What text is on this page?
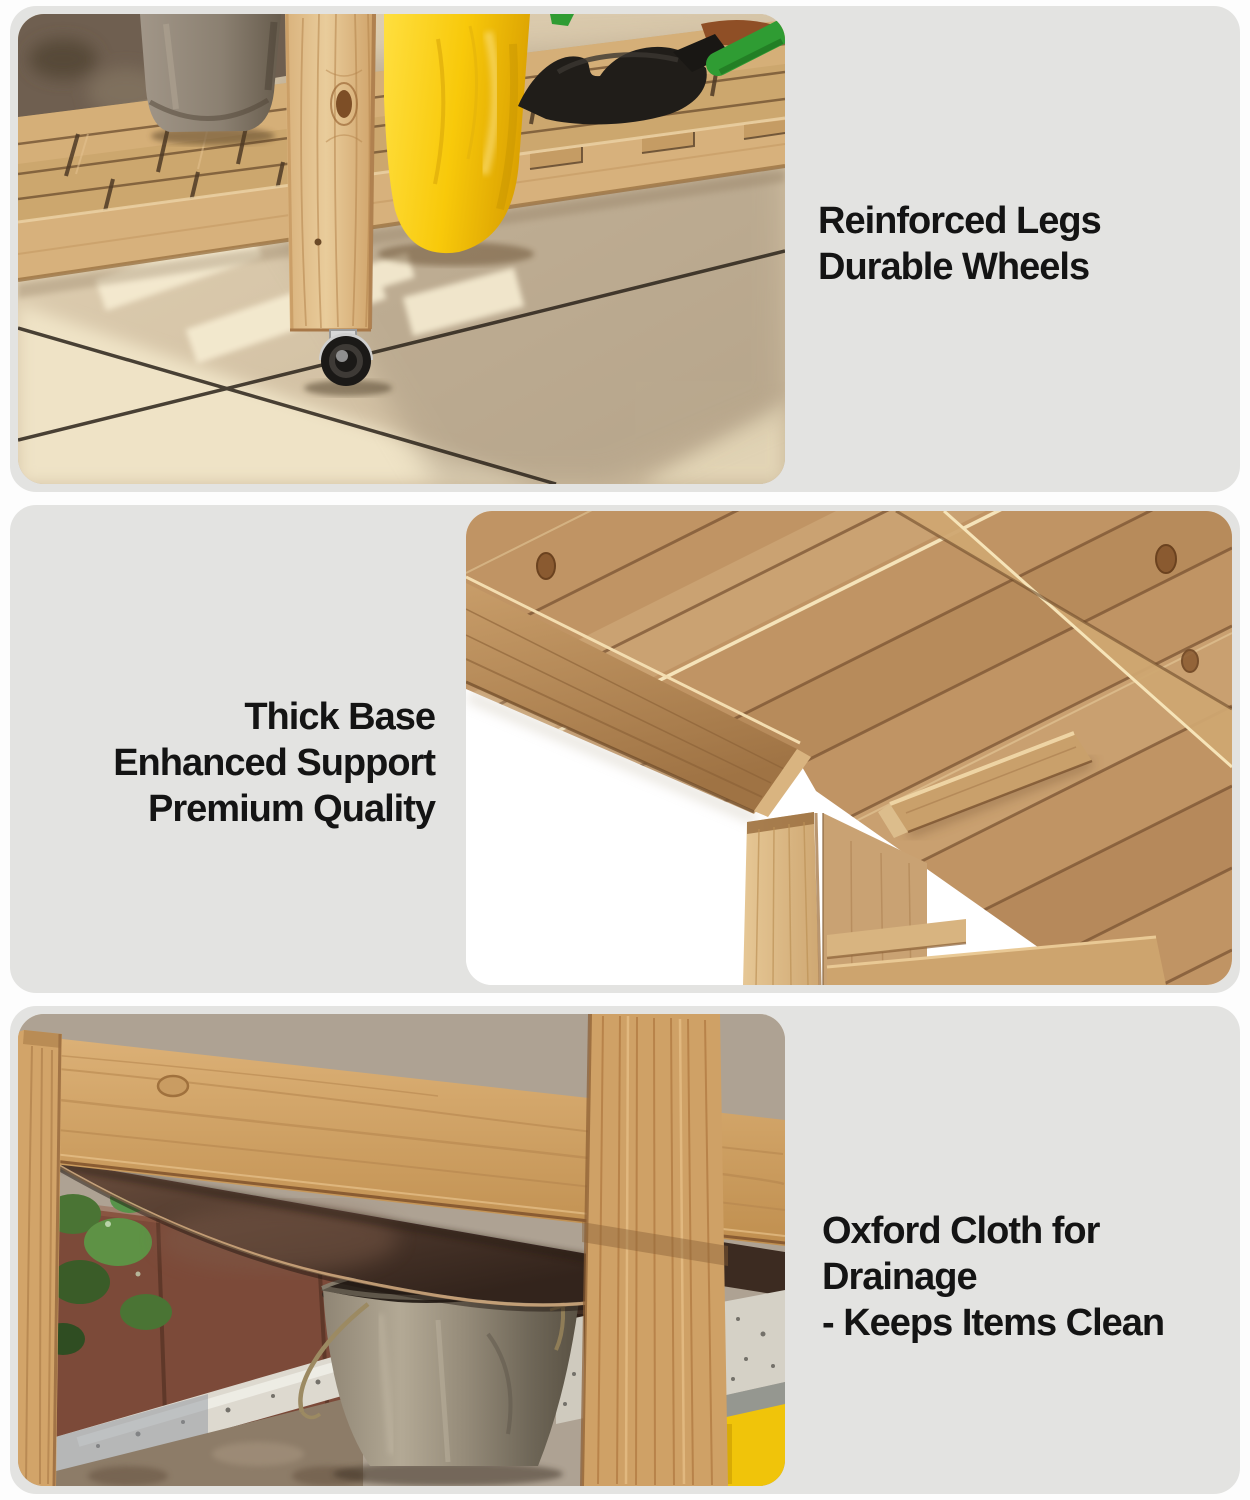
Reinforced Legs
Durable Wheels
Thick Base
Enhanced Support
Premium Quality
Oxford Cloth for
Drainage
- Keeps Items Clean
